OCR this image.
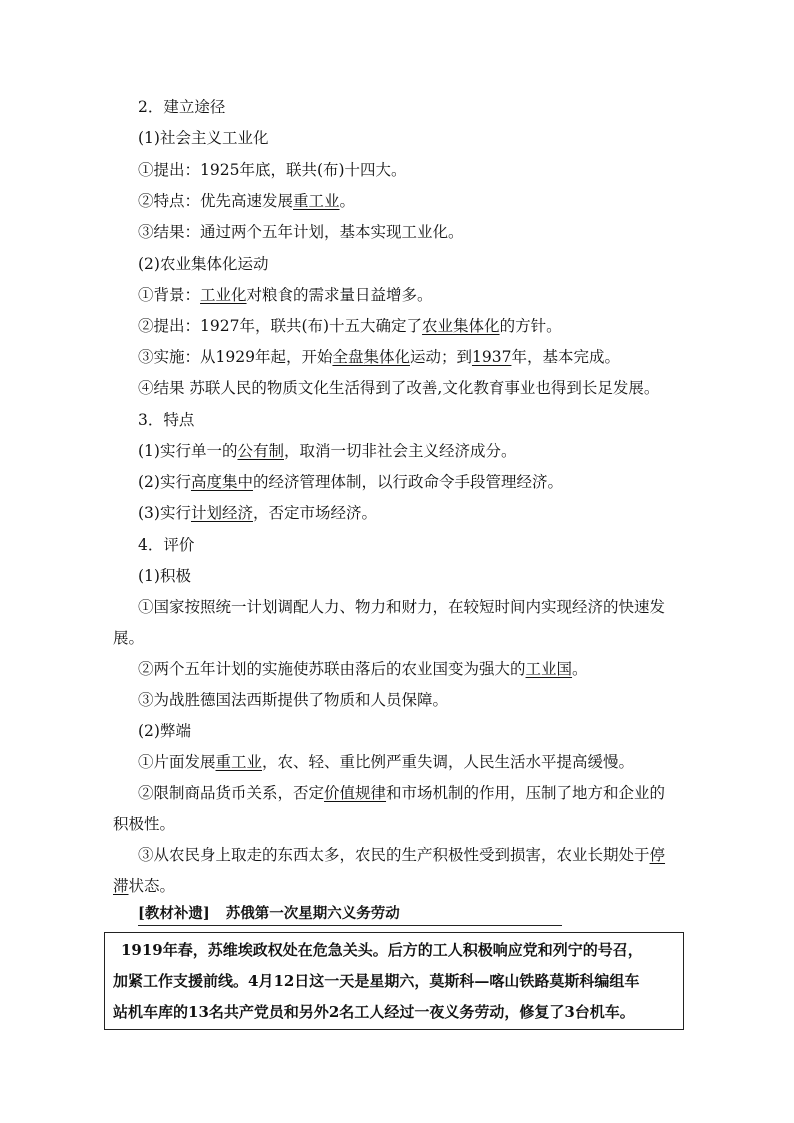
2．建立途径
(1)社会主义工业化
①提出：1925年底，联共(布)十四大。
②特点：优先高速发展重工业。
③结果：通过两个五年计划，基本实现工业化。
(2)农业集体化运动
①背景：工业化对粮食的需求量日益增多。
②提出：1927年，联共(布)十五大确定了农业集体化的方针。
③实施：从1929年起，开始全盘集体化运动；到1937年，基本完成。
④结果 苏联人民的物质文化生活得到了改善,文化教育事业也得到长足发展。
3．特点
(1)实行单一的公有制，取消一切非社会主义经济成分。
(2)实行高度集中的经济管理体制，以行政命令手段管理经济。
(3)实行计划经济，否定市场经济。
4．评价
(1)积极
①国家按照统一计划调配人力、物力和财力，在较短时间内实现经济的快速发
展。
②两个五年计划的实施使苏联由落后的农业国变为强大的工业国。
③为战胜德国法西斯提供了物质和人员保障。
(2)弊端
①片面发展重工业，农、轻、重比例严重失调，人民生活水平提高缓慢。
②限制商品货币关系，否定价值规律和市场机制的作用，压制了地方和企业的
积极性。
③从农民身上取走的东西太多，农民的生产积极性受到损害，农业长期处于停
滞状态。
[教材补遗] 苏俄第一次星期六义务劳动
1919年春，苏维埃政权处在危急关头。后方的工人积极响应党和列宁的号召，
加紧工作支援前线。4月12日这一天是星期六，莫斯科—喀山铁路莫斯科编组车
站机车库的13名共产党员和另外2名工人经过一夜义务劳动，修复了3台机车。
